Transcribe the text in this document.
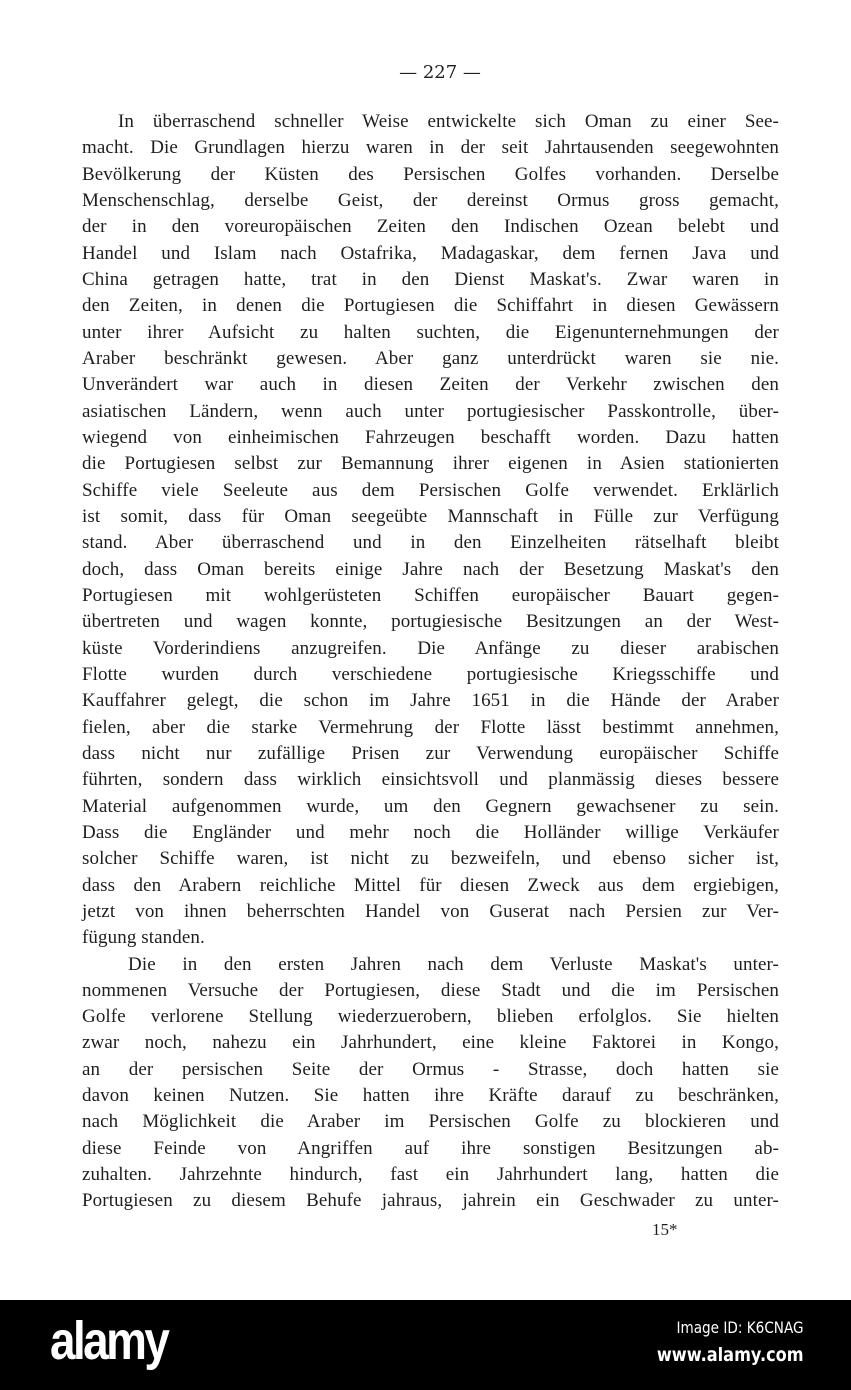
— 227 —
In überraschend schneller Weise entwickelte sich Oman zu einer See-
macht. Die Grundlagen hierzu waren in der seit Jahrtausenden seegewohnten
Bevölkerung der Küsten des Persischen Golfes vorhanden. Derselbe
Menschenschlag, derselbe Geist, der dereinst Ormus gross gemacht,
der in den voreuropäischen Zeiten den Indischen Ozean belebt und
Handel und Islam nach Ostafrika, Madagaskar, dem fernen Java und
China getragen hatte, trat in den Dienst Maskat's. Zwar waren in
den Zeiten, in denen die Portugiesen die Schiffahrt in diesen Gewässern
unter ihrer Aufsicht zu halten suchten, die Eigenunternehmungen der
Araber beschränkt gewesen. Aber ganz unterdrückt waren sie nie.
Unverändert war auch in diesen Zeiten der Verkehr zwischen den
asiatischen Ländern, wenn auch unter portugiesischer Passkontrolle, über-
wiegend von einheimischen Fahrzeugen beschafft worden. Dazu hatten
die Portugiesen selbst zur Bemannung ihrer eigenen in Asien stationierten
Schiffe viele Seeleute aus dem Persischen Golfe verwendet. Erklärlich
ist somit, dass für Oman seegeübte Mannschaft in Fülle zur Verfügung
stand. Aber überraschend und in den Einzelheiten rätselhaft bleibt
doch, dass Oman bereits einige Jahre nach der Besetzung Maskat's den
Portugiesen mit wohlgerüsteten Schiffen europäischer Bauart gegen-
übertreten und wagen konnte, portugiesische Besitzungen an der West-
küste Vorderindiens anzugreifen. Die Anfänge zu dieser arabischen
Flotte wurden durch verschiedene portugiesische Kriegsschiffe und
Kauffahrer gelegt, die schon im Jahre 1651 in die Hände der Araber
fielen, aber die starke Vermehrung der Flotte lässt bestimmt annehmen,
dass nicht nur zufällige Prisen zur Verwendung europäischer Schiffe
führten, sondern dass wirklich einsichtsvoll und planmässig dieses bessere
Material aufgenommen wurde, um den Gegnern gewachsener zu sein.
Dass die Engländer und mehr noch die Holländer willige Verkäufer
solcher Schiffe waren, ist nicht zu bezweifeln, und ebenso sicher ist,
dass den Arabern reichliche Mittel für diesen Zweck aus dem ergiebigen,
jetzt von ihnen beherrschten Handel von Guserat nach Persien zur Ver-
fügung standen.
Die in den ersten Jahren nach dem Verluste Maskat's unter-
nommenen Versuche der Portugiesen, diese Stadt und die im Persischen
Golfe verlorene Stellung wiederzuerobern, blieben erfolglos. Sie hielten
zwar noch, nahezu ein Jahrhundert, eine kleine Faktorei in Kongo,
an der persischen Seite der Ormus - Strasse, doch hatten sie
davon keinen Nutzen. Sie hatten ihre Kräfte darauf zu beschränken,
nach Möglichkeit die Araber im Persischen Golfe zu blockieren und
diese Feinde von Angriffen auf ihre sonstigen Besitzungen ab-
zuhalten. Jahrzehnte hindurch, fast ein Jahrhundert lang, hatten die
Portugiesen zu diesem Behufe jahraus, jahrein ein Geschwader zu unter-
15*
alamy	Image ID: K6CNAG
www.alamy.com
